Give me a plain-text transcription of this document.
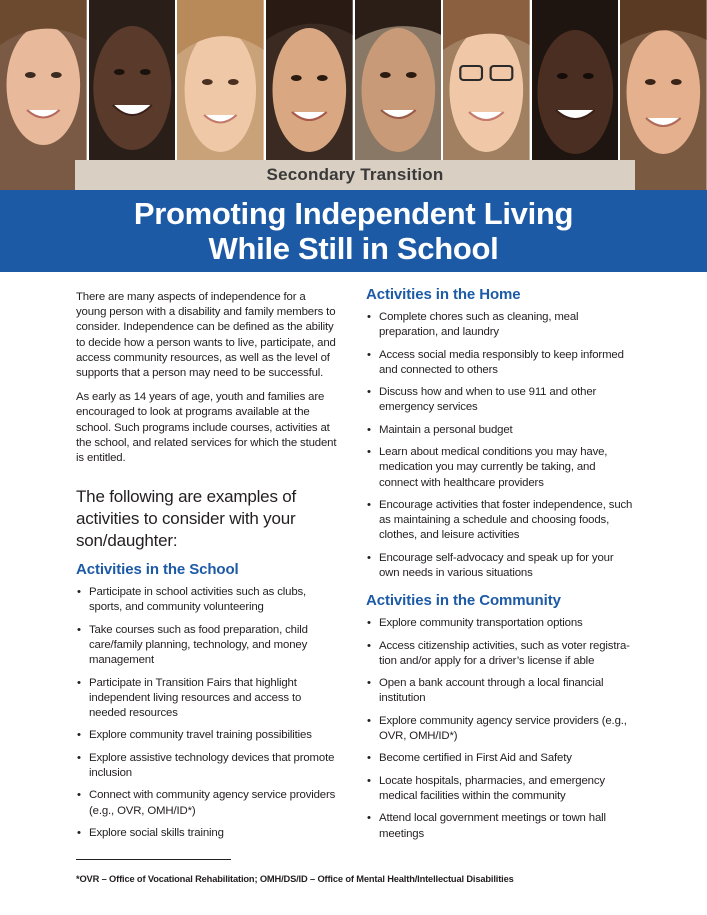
Secondary Transition
Promoting Independent Living
While Still in School

There are many aspects of independence for a young person with a disability and family members to consider. Independence can be defined as the ability to decide how a person wants to live, participate, and access community resources, as well as the level of supports that a person may need to be successful.

As early as 14 years of age, youth and families are encouraged to look at programs available at the school. Such programs include courses, activities at the school, and related services for which the student is entitled.

The following are examples of activities to consider with your son/daughter:
Activities in the School
• Participate in school activities such as clubs, sports, and community volunteering
• Take courses such as food preparation, child care/family planning, technology, and money management
• Participate in Transition Fairs that highlight independent living resources and access to needed resources
• Explore community travel training possibilities
• Explore assistive technology devices that promote inclusion
• Connect with community agency service providers (e.g., OVR, OMH/ID*)
• Explore social skills training
Activities in the Home
• Complete chores such as cleaning, meal preparation, and laundry
• Access social media responsibly to keep informed and connected to others
• Discuss how and when to use 911 and other emergency services
• Maintain a personal budget
• Learn about medical conditions you may have, medication you may currently be taking, and connect with healthcare providers
• Encourage activities that foster independence, such as maintaining a schedule and choosing foods, clothes, and leisure activities
• Encourage self-advocacy and speak up for your own needs in various situations
Activities in the Community
• Explore community transportation options
• Access citizenship activities, such as voter registra-tion and/or apply for a driver’s license if able
• Open a bank account through a local financial institution
• Explore community agency service providers (e.g., OVR, OMH/ID*)
• Become certified in First Aid and Safety
• Locate hospitals, pharmacies, and emergency medical facilities within the community
• Attend local government meetings or town hall meetings
*OVR – Office of Vocational Rehabilitation; OMH/DS/ID – Office of Mental Health/Intellectual Disabilities
